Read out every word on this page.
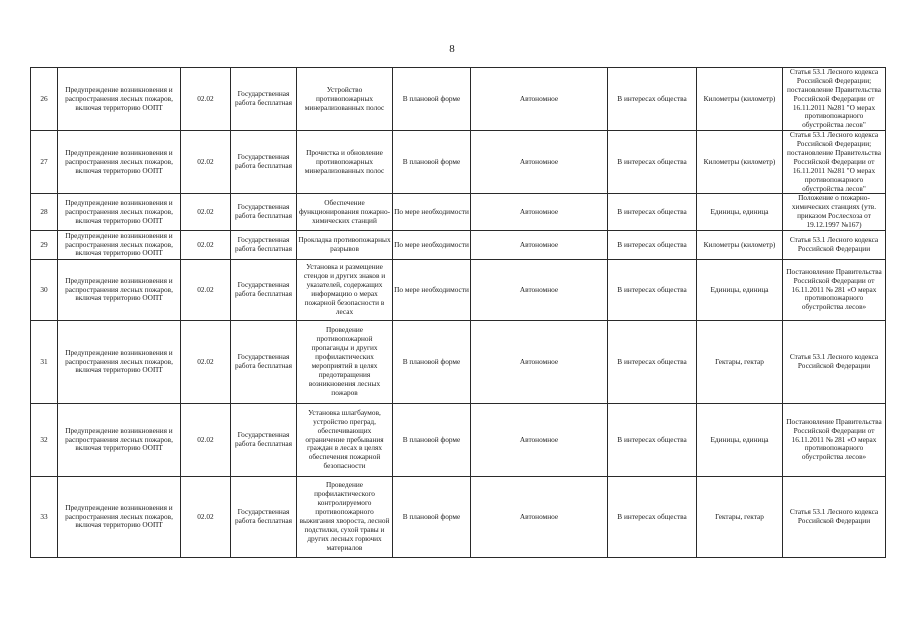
8
26	Предупреждение возникновения и распространения лесных пожаров, включая территорию ООПТ	02.02	Государственная работа бесплатная	Устройство противопожарных минерализованных полос	В плановой форме	Автономное	В интересах общества	Километры (километр)	Статья 53.1 Лесного кодекса Российской Федерации; постановление Правительства Российской Федерации от 16.11.2011 №281 "О мерах противопожарного обустройства лесов"
27	Предупреждение возникновения и распространения лесных пожаров, включая территорию ООПТ	02.02	Государственная работа бесплатная	Прочистка и обновление противопожарных минерализованных полос	В плановой форме	Автономное	В интересах общества	Километры (километр)	Статья 53.1 Лесного кодекса Российской Федерации; постановление Правительства Российской Федерации от 16.11.2011 №281 "О мерах противопожарного обустройства лесов"
28	Предупреждение возникновения и распространения лесных пожаров, включая территорию ООПТ	02.02	Государственная работа бесплатная	Обеспечение функционирования пожарно-химических станций	По мере необходимости	Автономное	В интересах общества	Единицы, единица	Положение о пожарно-химических станциях (утв. приказом Рослесхоза от 19.12.1997 №167)
29	Предупреждение возникновения и распространения лесных пожаров, включая территорию ООПТ	02.02	Государственная работа бесплатная	Прокладка противопожарных разрывов	По мере необходимости	Автономное	В интересах общества	Километры (километр)	Статья 53.1 Лесного кодекса Российской Федерации
30	Предупреждение возникновения и распространения лесных пожаров, включая территорию ООПТ	02.02	Государственная работа бесплатная	Установка и размещение стендов и других знаков и указателей, содержащих информацию о мерах пожарной безопасности в лесах	По мере необходимости	Автономное	В интересах общества	Единицы, единица	Постановление Правительства Российской Федерации от 16.11.2011 № 281 «О мерах противопожарного обустройства лесов»
31	Предупреждение возникновения и распространения лесных пожаров, включая территорию ООПТ	02.02	Государственная работа бесплатная	Проведение противопожарной пропаганды и других профилактических мероприятий в целях предотвращения возникновения лесных пожаров	В плановой форме	Автономное	В интересах общества	Гектары, гектар	Статья 53.1 Лесного кодекса Российской Федерации
32	Предупреждение возникновения и распространения лесных пожаров, включая территорию ООПТ	02.02	Государственная работа бесплатная	Установка шлагбаумов, устройство преград, обеспечивающих ограничение пребывания граждан в лесах в целях обеспечения пожарной безопасности	В плановой форме	Автономное	В интересах общества	Единицы, единица	Постановление Правительства Российской Федерации от 16.11.2011 № 281 «О мерах противопожарного обустройства лесов»
33	Предупреждение возникновения и распространения лесных пожаров, включая территорию ООПТ	02.02	Государственная работа бесплатная	Проведение профилактического контролируемого противопожарного выжигания хвороста, лесной подстилки, сухой травы и других лесных горючих материалов	В плановой форме	Автономное	В интересах общества	Гектары, гектар	Статья 53.1 Лесного кодекса Российской Федерации
